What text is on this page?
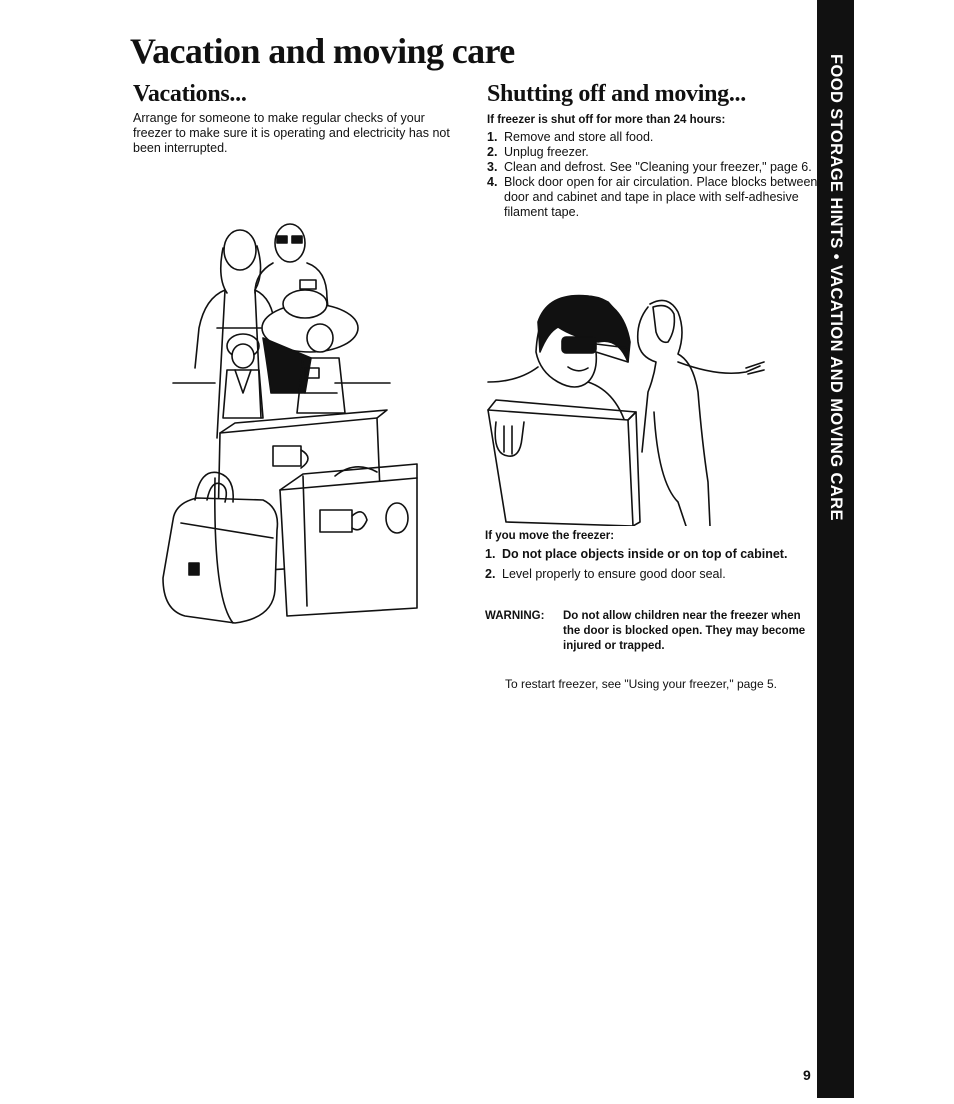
Vacation and moving care
Vacations...

Arrange for someone to make regular checks of your freezer to make sure it is operating and electricity has not been interrupted.

Shutting off and moving...
If freezer is shut off for more than 24 hours:
1. Remove and store all food.
2. Unplug freezer.
3. Clean and defrost. See "Cleaning your freezer," page 6.
4. Block door open for air circulation. Place blocks between door and cabinet and tape in place with self-adhesive filament tape.
If you move the freezer:
1. Do not place objects inside or on top of cabinet.
2. Level properly to ensure good door seal.
WARNING: Do not allow children near the freezer when the door is blocked open. They may become injured or trapped.
To restart freezer, see "Using your freezer," page 5.
FOOD STORAGE HINTS • VACATION AND MOVING CARE
9
